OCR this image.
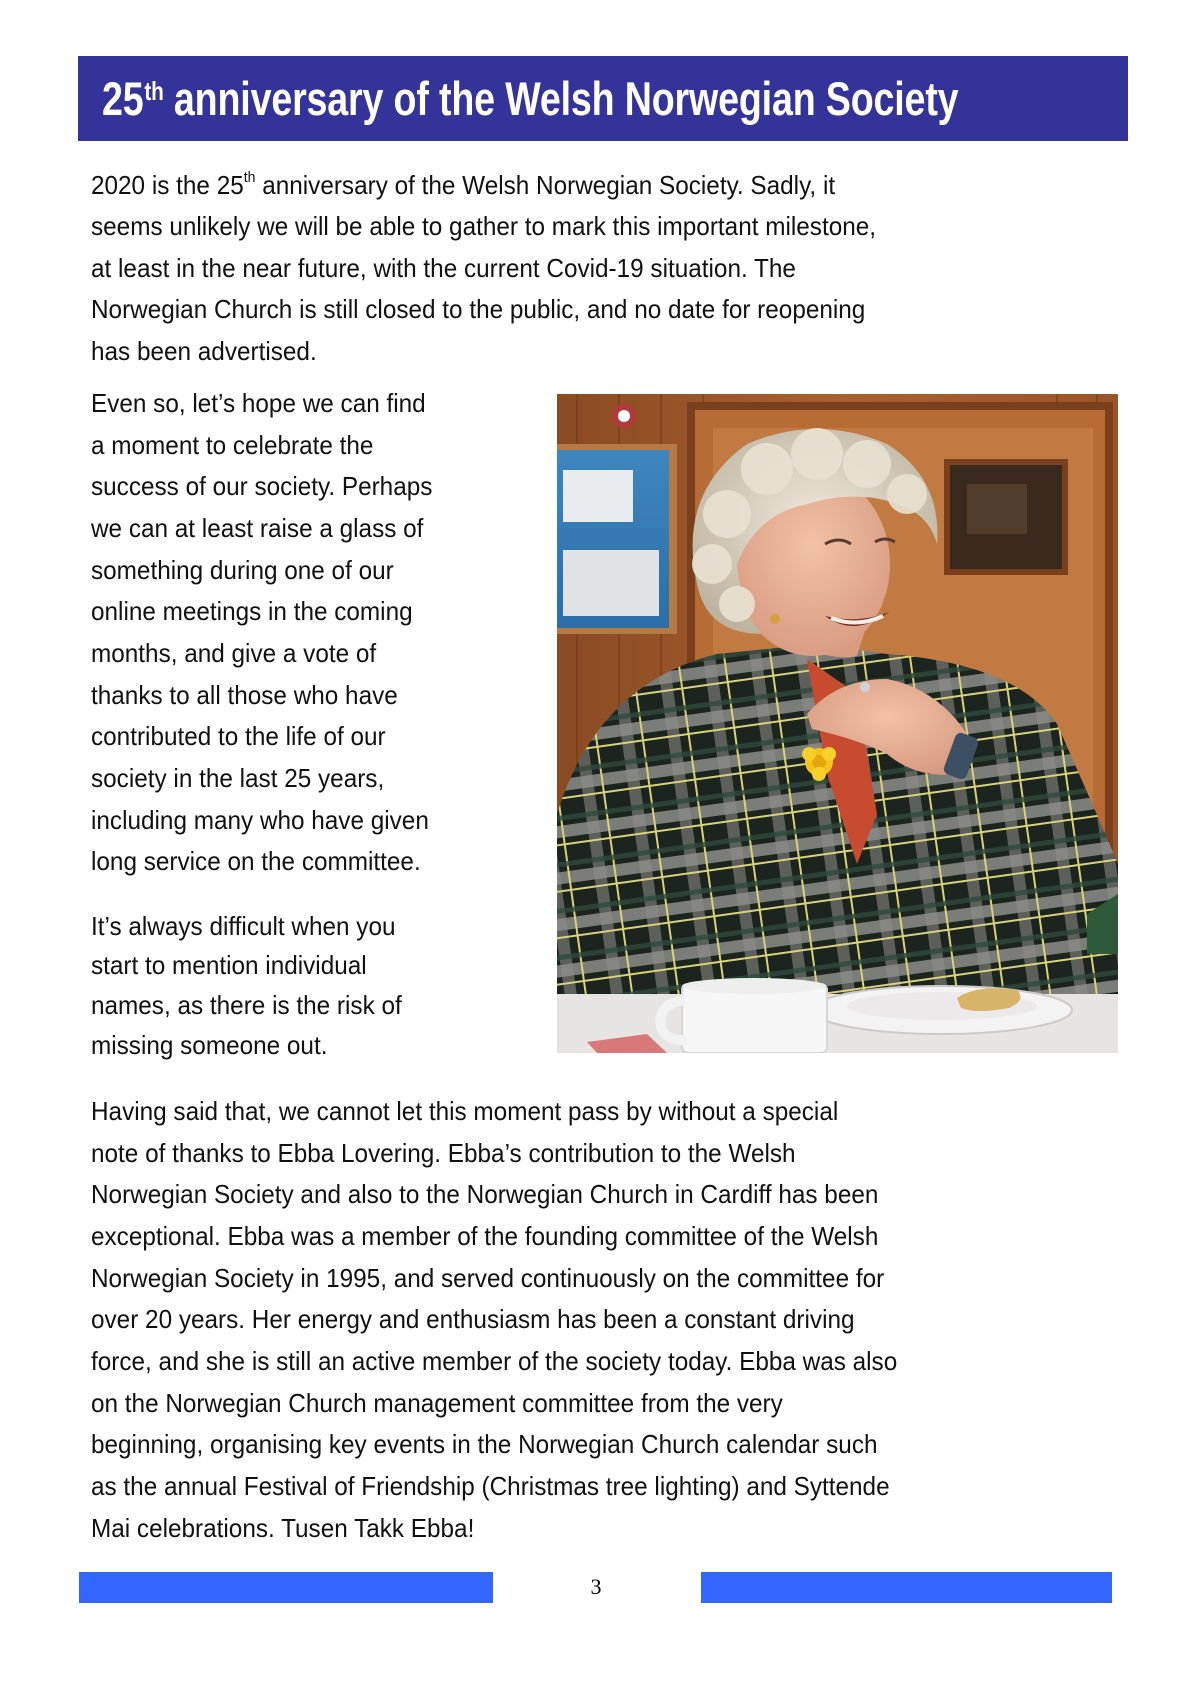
25th anniversary of the Welsh Norwegian Society
2020 is the 25th anniversary of the Welsh Norwegian Society. Sadly, it
seems unlikely we will be able to gather to mark this important milestone,
at least in the near future, with the current Covid-19 situation. The
Norwegian Church is still closed to the public, and no date for reopening
has been advertised.
Even so, let’s hope we can find
a moment to celebrate the
success of our society. Perhaps
we can at least raise a glass of
something during one of our
online meetings in the coming
months, and give a vote of
thanks to all those who have
contributed to the life of our
society in the last 25 years,
including many who have given
long service on the committee.
It’s always difficult when you
start to mention individual
names, as there is the risk of
missing someone out.
Having said that, we cannot let this moment pass by without a special
note of thanks to Ebba Lovering. Ebba’s contribution to the Welsh
Norwegian Society and also to the Norwegian Church in Cardiff has been
exceptional. Ebba was a member of the founding committee of the Welsh
Norwegian Society in 1995, and served continuously on the committee for
over 20 years. Her energy and enthusiasm has been a constant driving
force, and she is still an active member of the society today. Ebba was also
on the Norwegian Church management committee from the very
beginning, organising key events in the Norwegian Church calendar such
as the annual Festival of Friendship (Christmas tree lighting) and Syttende
Mai celebrations. Tusen Takk Ebba!
3
